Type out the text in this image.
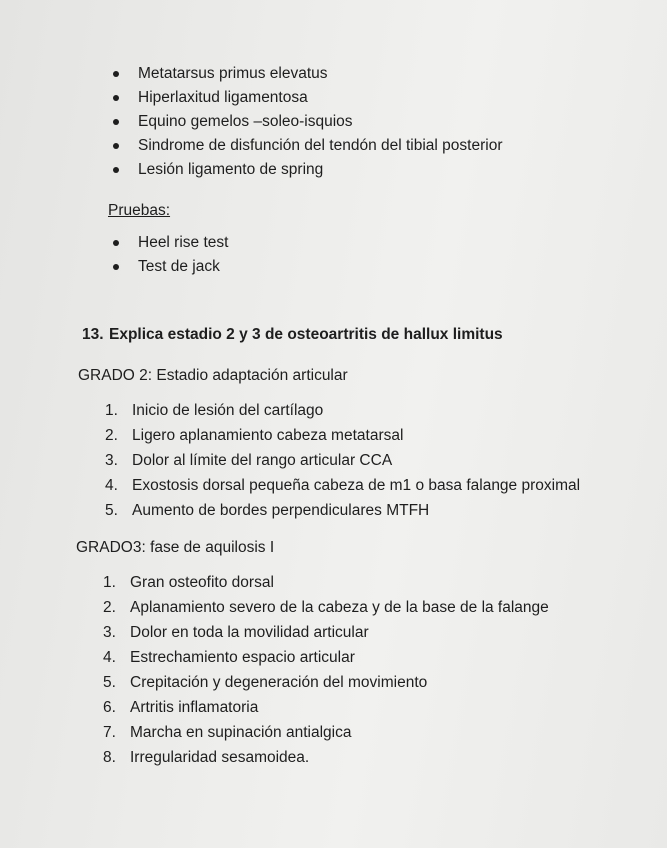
Metatarsus primus elevatus
Hiperlaxitud ligamentosa
Equino gemelos –soleo-isquios
Sindrome de disfunción del tendón del tibial posterior
Lesión ligamento de spring
Pruebas:
Heel rise test
Test de jack
13. Explica estadio 2 y 3 de osteoartritis de hallux limitus
GRADO 2: Estadio adaptación articular
1. Inicio de lesión del cartílago
2. Ligero aplanamiento cabeza metatarsal
3. Dolor al límite del rango articular CCA
4. Exostosis dorsal pequeña cabeza de m1 o basa falange proximal
5. Aumento de bordes perpendiculares MTFH
GRADO3: fase de aquilosis I
1. Gran osteofito dorsal
2. Aplanamiento severo de la cabeza y de la base de la falange
3. Dolor en toda la movilidad articular
4. Estrechamiento espacio articular
5. Crepitación y degeneración del movimiento
6. Artritis inflamatoria
7. Marcha en supinación antialgica
8. Irregularidad sesamoidea.
